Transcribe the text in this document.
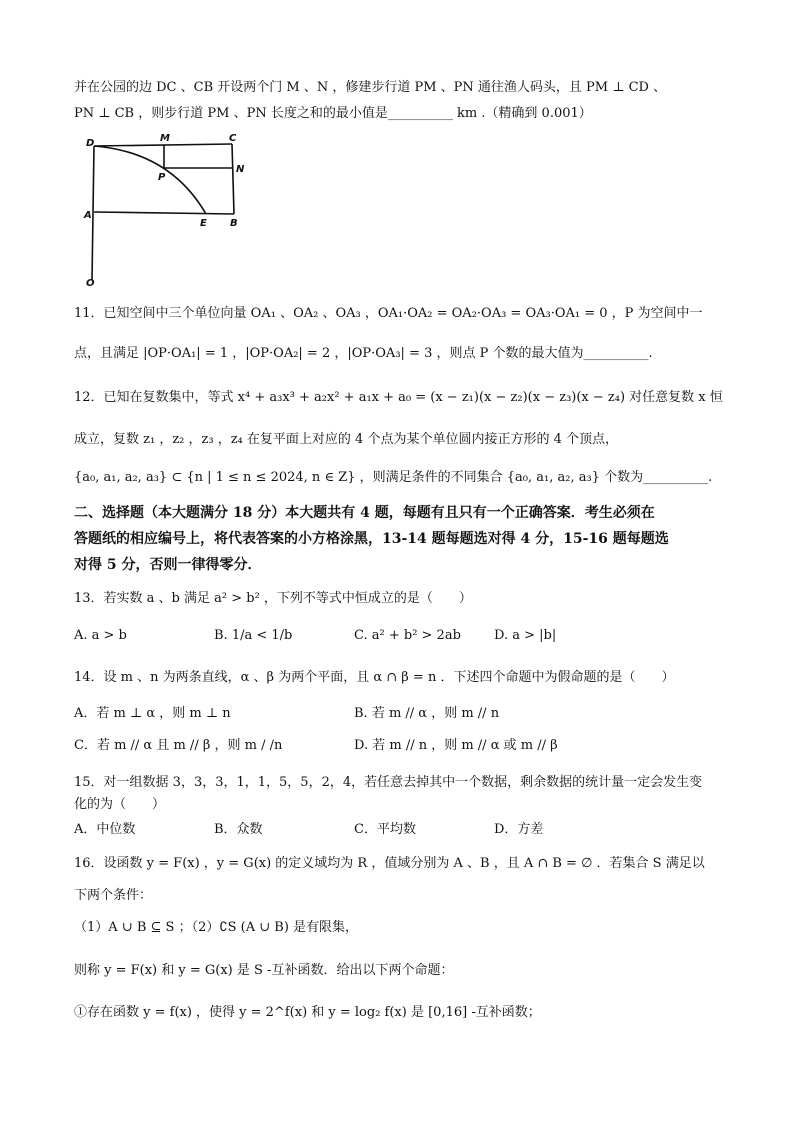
并在公园的边 DC 、CB 开设两个门 M 、N ，修建步行道 PM 、PN 通往渔人码头，且 PM ⊥ CD 、
PN ⊥ CB ，则步行道 PM 、PN 长度之和的最小值是__________ km .（精确到 0.001）
D	M	C
P
N
A
E B
O
11．已知空间中三个单位向量 OA₁ 、OA₂ 、OA₃ ，OA₁·OA₂ = OA₂·OA₃ = OA₃·OA₁ = 0 ，P 为空间中一
点，且满足 |OP·OA₁| = 1 ，|OP·OA₂| = 2 ，|OP·OA₃| = 3 ，则点 P 个数的最大值为__________.
12．已知在复数集中，等式 x⁴ + a₃x³ + a₂x² + a₁x + a₀ = (x − z₁)(x − z₂)(x − z₃)(x − z₄) 对任意复数 x 恒
成立，复数 z₁ ，z₂ ，z₃ ，z₄ 在复平面上对应的 4 个点为某个单位圆内接正方形的 4 个顶点，
{a₀, a₁, a₂, a₃} ⊂ {n | 1 ≤ n ≤ 2024, n ∈ Z} ，则满足条件的不同集合 {a₀, a₁, a₂, a₃} 个数为__________.
二、选择题（本大题满分 18 分）本大题共有 4 题，每题有且只有一个正确答案．考生必须在
答题纸的相应编号上，将代表答案的小方格涂黑，13-14 题每题选对得 4 分，15-16 题每题选
对得 5 分，否则一律得零分．
13．若实数 a 、b 满足 a² > b² ，下列不等式中恒成立的是（　　）
A. a > b	B. 1/a < 1/b	C. a² + b² > 2ab	D. a > |b|
14．设 m 、n 为两条直线，α 、β 为两个平面，且 α ∩ β = n ．下述四个命题中为假命题的是（　　）
A．若 m ⊥ α ，则 m ⊥ n	B. 若 m // α ，则 m // n
C．若 m // α 且 m // β ，则 m / /n	D. 若 m // n ，则 m // α 或 m // β
15．对一组数据 3，3，3，1，1，5，5，2，4，若任意去掉其中一个数据，剩余数据的统计量一定会发生变
化的为（　　）
A．中位数	B．众数	C．平均数	D．方差
16．设函数 y = F(x) ，y = G(x) 的定义域均为 R ，值域分别为 A 、B ，且 A ∩ B = ∅ ．若集合 S 满足以
下两个条件：
（1）A ∪ B ⊆ S ；（2）∁S (A ∪ B) 是有限集，
则称 y = F(x) 和 y = G(x) 是 S -互补函数．给出以下两个命题：
①存在函数 y = f(x) ，使得 y = 2^f(x) 和 y = log₂ f(x) 是 [0,16] -互补函数；
